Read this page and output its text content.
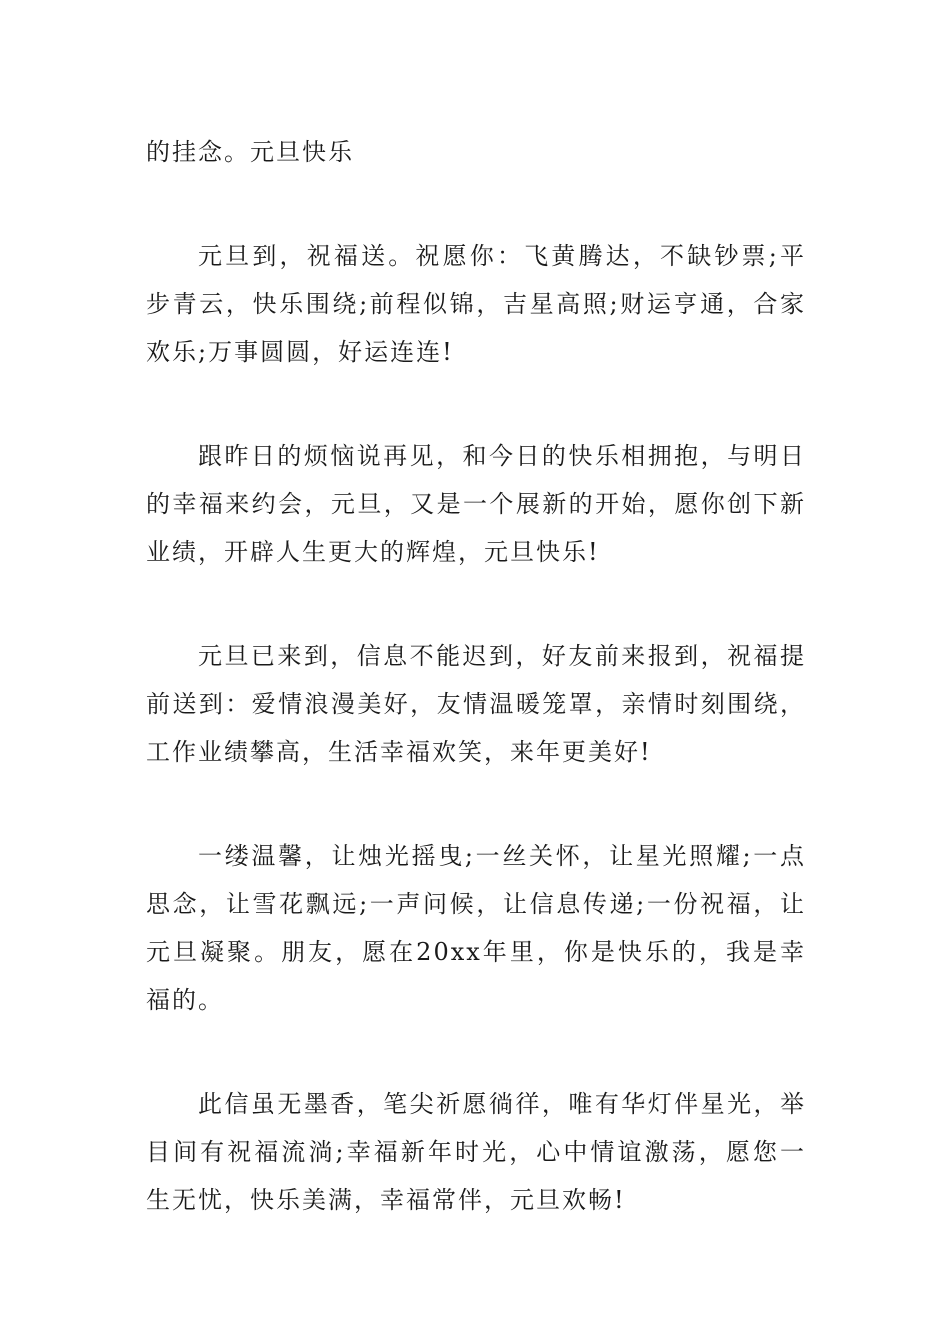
的挂念。元旦快乐

元旦到，祝福送。祝愿你：飞黄腾达，不缺钞票;平步青云，快乐围绕;前程似锦，吉星高照;财运亨通，合家欢乐;万事圆圆，好运连连!

跟昨日的烦恼说再见，和今日的快乐相拥抱，与明日的幸福来约会，元旦，又是一个展新的开始，愿你创下新业绩，开辟人生更大的辉煌，元旦快乐!

元旦已来到，信息不能迟到，好友前来报到，祝福提前送到：爱情浪漫美好，友情温暖笼罩，亲情时刻围绕，工作业绩攀高，生活幸福欢笑，来年更美好!

一缕温馨，让烛光摇曳;一丝关怀，让星光照耀;一点思念，让雪花飘远;一声问候，让信息传递;一份祝福，让元旦凝聚。朋友，愿在20xx年里，你是快乐的，我是幸福的。

此信虽无墨香，笔尖祈愿徜徉，唯有华灯伴星光，举目间有祝福流淌;幸福新年时光，心中情谊激荡，愿您一生无忧，快乐美满，幸福常伴，元旦欢畅!
